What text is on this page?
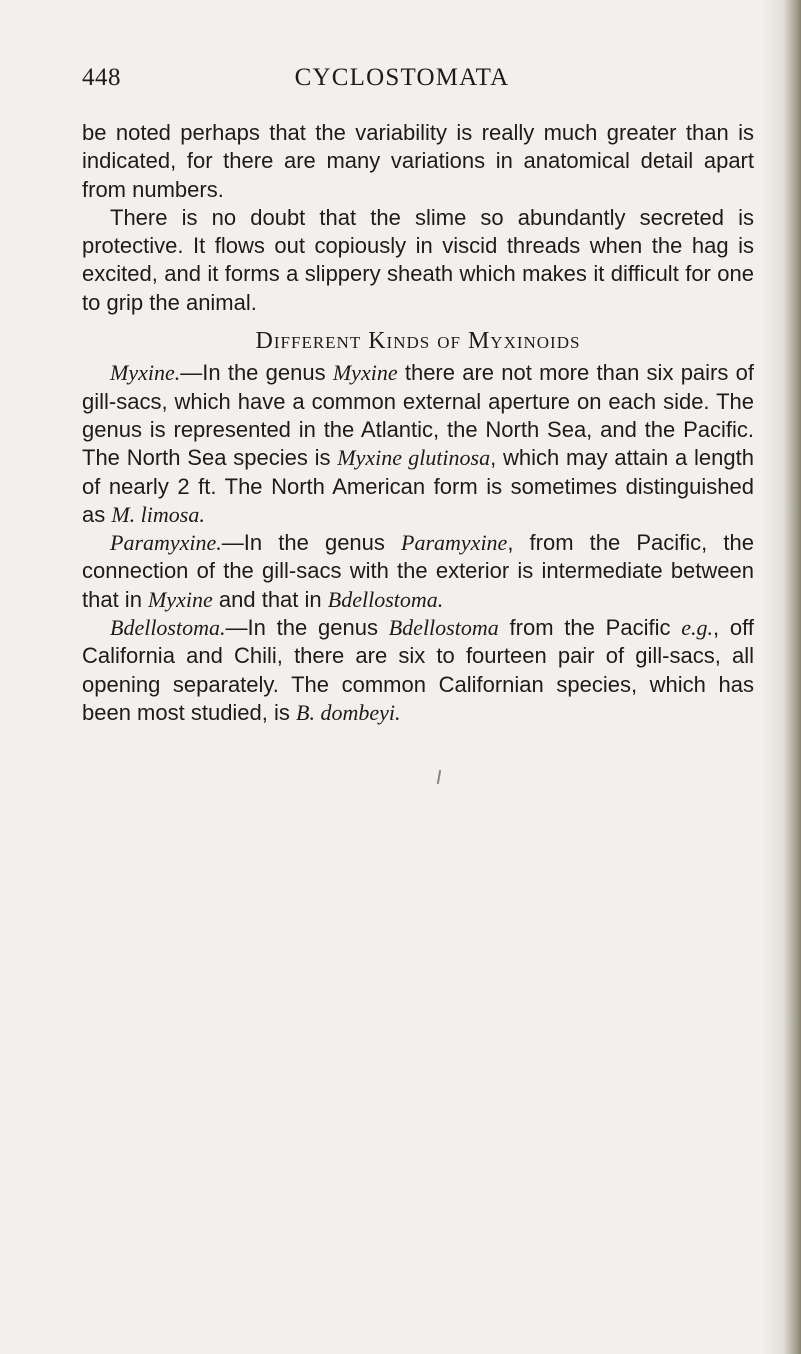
448	CYCLOSTOMATA

be noted perhaps that the variability is really much greater than is indicated, for there are many variations in anatomical detail apart from numbers.

There is no doubt that the slime so abundantly secreted is protective. It flows out copiously in viscid threads when the hag is excited, and it forms a slippery sheath which makes it difficult for one to grip the animal.

Different Kinds of Myxinoids

Myxine.—In the genus Myxine there are not more than six pairs of gill-sacs, which have a common external aperture on each side. The genus is represented in the Atlantic, the North Sea, and the Pacific. The North Sea species is Myxine glutinosa, which may attain a length of nearly 2 ft. The North American form is sometimes distinguished as M. limosa.

Paramyxine.—In the genus Paramyxine, from the Pacific, the connection of the gill-sacs with the exterior is intermediate between that in Myxine and that in Bdellostoma.

Bdellostoma.—In the genus Bdellostoma from the Pacific e.g., off California and Chili, there are six to fourteen pair of gill-sacs, all opening separately. The common Californian species, which has been most studied, is B. dombeyi.
